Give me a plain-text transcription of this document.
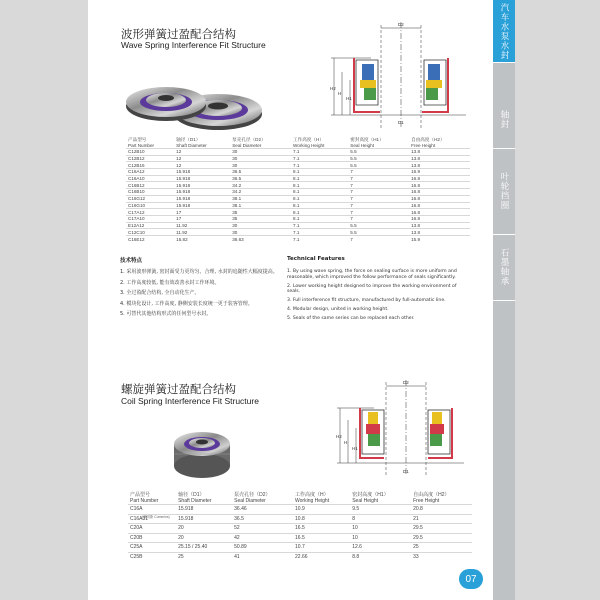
汽车水泵水封
轴封
叶轮挡圈
石墨轴承
波形弹簧过盈配合结构
Wave Spring Interference Fit Structure
D2
H2
H
H1
D1
产品型号	轴径（D1）	泵壳孔径（D2）	工作高度（H）	密封高度（H1）	自由高度（H2）
Part Number	Shaft Diameter	Seal Diameter	Working Height	Seal Height	Free Height
C12B10	12	30	7.1	5.5	13.8
C12B12	12	30	7.1	5.5	13.8
C12B15	12	30	7.1	5.5	13.8
C16A12	15.918	36.5	8.1	7	16.9
C16A10	15.918	36.5	8.1	7	16.8
C16B12	15.918	34.2	8.1	7	16.8
C16B10	15.918	34.2	8.1	7	16.8
C16G12	15.918	38.1	8.1	7	16.8
C16G10	15.918	38.1	8.1	7	16.8
C17A12	17	35	8.1	7	16.8
C17A10	17	35	8.1	7	16.8
E12A12	11.92	30	7.1	5.5	13.8
C12C10	11.92	30	7.1	5.5	13.8
C16E12	15.82	36.63	7.1	7	15.9
技术特点
1. 采用波形弹簧, 密封面受力更均匀、合理, 水封的追随性大幅度提高。
2. 工作高度较低, 能有效改善水封工作环境。
3. 全过盈配合结构, 全自动化生产。
4. 模块化设计, 工作高度, 静侧安装长度统一更于装客管理。
5. 可替代其他结构形式的任何型号水封。
Technical Features
1. By using wave spring, the force on sealing surface is more uniform and reasonable, which improved the follow performance of seals significantly.
2. Lower working height designed to improve the working environment of seals.
3. Full interference fit structure, manufactured by full-automatic line.
4. Modular design, united in working height.
5. Seals of the same series can be replaced each other.
螺旋弹簧过盈配合结构
Coil Spring Interference Fit Structure
D2
H2
H
H1
D1
产品型号	轴径（D1）	泵壳孔径（D2）	工作高度（H）	密封高度（H1）	自由高度（H2）
Part Number	Shaft Diameter	Seal Diameter	Working Height	Seal Height	Free Height
C16A	15.918	36.46	10.9	9.5	20.8
C16A31	15.918	36.5	10.8	8	21
C20A	20	52	16.5	10	29.5
C20B	20	42	16.5	10	29.5
C25A	25.15 / 25.40	50.89	10.7	12.6	25
C25B	25	41	22.66	8.8	33
(康明斯 Cummins)
07
